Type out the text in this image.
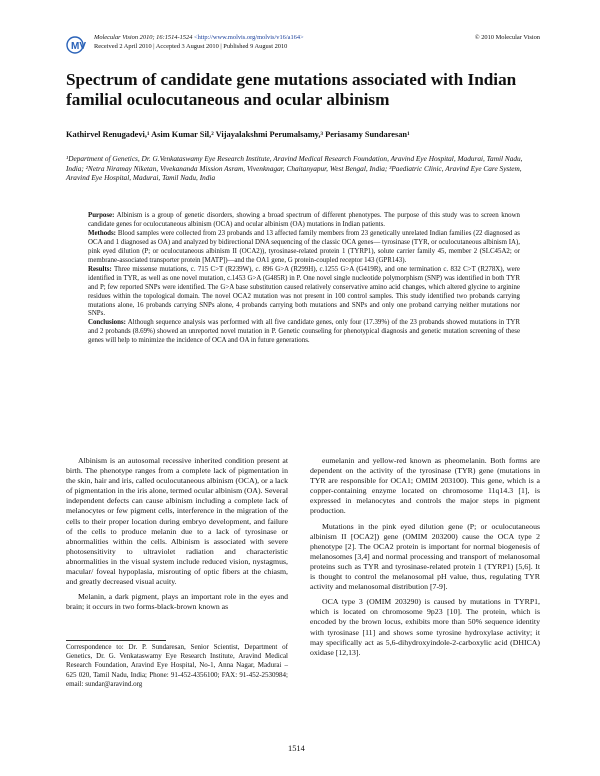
MV
Molecular Vision 2010; 16:1514-1524 <http://www.molvis.org/molvis/v16/a164>
Received 2 April 2010 | Accepted 3 August 2010 | Published 9 August 2010
© 2010 Molecular Vision
Spectrum of candidate gene mutations associated with Indian familial oculocutaneous and ocular albinism
Kathirvel Renugadevi,¹ Asim Kumar Sil,² Vijayalakshmi Perumalsamy,³ Periasamy Sundaresan¹
¹Department of Genetics, Dr. G.Venkataswamy Eye Research Institute, Aravind Medical Research Foundation, Aravind Eye Hospital, Madurai, Tamil Nadu, India; ²Netra Niramay Niketan, Vivekananda Mission Asram, Vivenknagar, Chaitanyapur, West Bengal, India; ³Paediatric Clinic, Aravind Eye Care System, Aravind Eye Hospital, Madurai, Tamil Nadu, India

Purpose: Albinism is a group of genetic disorders, showing a broad spectrum of different phenotypes. The purpose of this study was to screen known candidate genes for oculocutaneous albinism (OCA) and ocular albinism (OA) mutations in Indian patients.

Methods: Blood samples were collected from 23 probands and 13 affected family members from 23 genetically unrelated Indian families (22 diagnosed as OCA and 1 diagnosed as OA) and analyzed by bidirectional DNA sequencing of the classic OCA genes— tyrosinase (TYR, or oculocutaneous albinism IA), pink eyed dilution (P; or oculocutaneous albinism II (OCA2)), tyrosinase-related protein 1 (TYRP1), solute carrier family 45, member 2 (SLC45A2; or membrane-associated transporter protein [MATP])—and the OA1 gene, G protein-coupled receptor 143 (GPR143).

Results: Three missense mutations, c. 715 C>T (R239W), c. 896 G>A (R299H), c.1255 G>A (G419R), and one termination c. 832 C>T (R278X), were identified in TYR, as well as one novel mutation, c.1453 G>A (G485R) in P. One novel single nucleotide polymorphism (SNP) was identified in both TYR and P; few reported SNPs were identified. The G>A base substitution caused relatively conservative amino acid changes, which altered glycine to arginine residues within the topological domain. The novel OCA2 mutation was not present in 100 control samples. This study identified two probands carrying mutations alone, 16 probands carrying SNPs alone, 4 probands carrying both mutations and SNPs and only one proband carrying neither mutations nor SNPs.

Conclusions: Although sequence analysis was performed with all five candidate genes, only four (17.39%) of the 23 probands showed mutations in TYR and 2 probands (8.69%) showed an unreported novel mutation in P. Genetic counseling for phenotypical diagnosis and genetic mutation screening of these genes will help to minimize the incidence of OCA and OA in future generations.

Albinism is an autosomal recessive inherited condition present at birth. The phenotype ranges from a complete lack of pigmentation in the skin, hair and iris, called oculocutaneous albinism (OCA), or a lack of pigmentation in the iris alone, termed ocular albinism (OA). Several independent defects can cause albinism including a complete lack of melanocytes or few pigment cells, interference in the migration of the cells to their proper location during embryo development, and failure of the cells to produce melanin due to a lack of tyrosinase or abnormalities within the cells. Albinism is associated with severe photosensitivity to ultraviolet radiation and characteristic abnormalities in the visual system include reduced vision, nystagmus, macular/ foveal hypoplasia, misrouting of optic fibers at the chiasm, and greatly decreased visual acuity.

Melanin, a dark pigment, plays an important role in the eyes and brain; it occurs in two forms-black-brown known as

eumelanin and yellow-red known as pheomelanin. Both forms are dependent on the activity of the tyrosinase (TYR) gene (mutations in TYR are responsible for OCA1; OMIM 203100). This gene, which is a copper-containing enzyme located on chromosome 11q14.3 [1], is expressed in melanocytes and controls the major steps in pigment production.

Mutations in the pink eyed dilution gene (P; or oculocutaneous albinism II [OCA2]) gene (OMIM 203200) cause the OCA type 2 phenotype [2]. The OCA2 protein is important for normal biogenesis of melanosomes [3,4] and normal processing and transport of melanosomal proteins such as TYR and tyrosinase-related protein 1 (TYRP1) [5,6]. It is thought to control the melanosomal pH value, thus, regulating TYR activity and melanosomal distribution [7-9].

OCA type 3 (OMIM 203290) is caused by mutations in TYRP1, which is located on chromosome 9p23 [10]. The protein, which is encoded by the brown locus, exhibits more than 50% sequence identity with tyrosinase [11] and shows some tyrosine hydroxylase activity; it may specifically act as 5,6-dihydroxyindole-2-carboxylic acid (DHICA) oxidase [12,13].

Correspondence to: Dr. P. Sundaresan, Senior Scientist, Department of Genetics, Dr. G. Venkataswamy Eye Research Institute, Aravind Medical Research Foundation, Aravind Eye Hospital, No-1, Anna Nagar, Madurai – 625 020, Tamil Nadu, India; Phone: 91-452-4356100; FAX: 91-452-2530984; email: sundar@aravind.org
1514
